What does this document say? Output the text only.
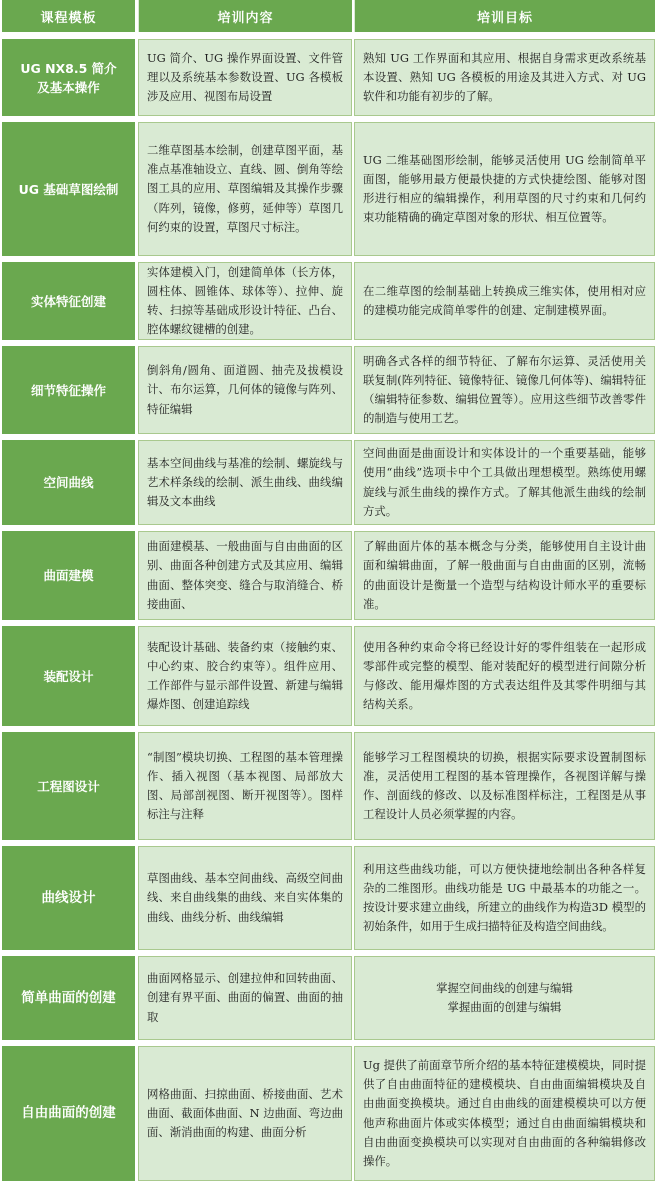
课程模板	培训内容	培训目标
UG NX8.5 简介
及基本操作
UG 简介、UG 操作界面设置、文件管理以及系统基本参数设置、UG 各模板涉及应用、视图布局设置
熟知 UG 工作界面和其应用、根据自身需求更改系统基本设置、熟知 UG 各模板的用途及其进入方式、对 UG 软件和功能有初步的了解。
UG 基础草图绘制
二维草图基本绘制，创建草图平面，基准点基准轴设立、直线、圆、倒角等绘图工具的应用、草图编辑及其操作步骤（阵列，镜像，修剪，延伸等）草图几何约束的设置，草图尺寸标注。
UG 二维基础图形绘制，能够灵活使用 UG 绘制简单平面图，能够用最方便最快捷的方式快捷绘图、能够对图形进行相应的编辑操作，利用草图的尺寸约束和几何约束功能精确的确定草图对象的形状、相互位置等。
实体特征创建
实体建模入门，创建简单体（长方体，圆柱体、圆锥体、球体等）、拉伸、旋转、扫掠等基础成形设计特征、凸台、腔体螺纹键槽的创建。
在二维草图的绘制基础上转换成三维实体，使用相对应的建模功能完成简单零件的创建、定制建模界面。
细节特征操作
倒斜角/圆角、面道圆、抽壳及拔模设计、布尔运算，几何体的镜像与阵列、特征编辑
明确各式各样的细节特征、了解布尔运算、灵活使用关联复制(阵列特征、镜像特征、镜像几何体等)、编辑特征（编辑特征参数、编辑位置等）。应用这些细节改善零件的制造与使用工艺。
空间曲线
基本空间曲线与基准的绘制、螺旋线与艺术样条线的绘制、派生曲线、曲线编辑及文本曲线
空间曲面是曲面设计和实体设计的一个重要基础，能够使用“曲线”选项卡中个工具做出理想模型。熟练使用螺旋线与派生曲线的操作方式。了解其他派生曲线的绘制方式。
曲面建模
曲面建模基、一般曲面与自由曲面的区别、曲面各种创建方式及其应用、编辑曲面、整体突变、缝合与取消缝合、桥接曲面、
了解曲面片体的基本概念与分类，能够使用自主设计曲面和编辑曲面，了解一般曲面与自由曲面的区别，流畅的曲面设计是衡量一个造型与结构设计师水平的重要标准。
装配设计
装配设计基础、装备约束（接触约束、中心约束、胶合约束等）。组件应用、工作部件与显示部件设置、新建与编辑爆炸图、创建追踪线
使用各种约束命令将已经设计好的零件组装在一起形成零部件或完整的模型、能对装配好的模型进行间隙分析与修改、能用爆炸图的方式表达组件及其零件明细与其结构关系。
工程图设计
“制图”模块切换、工程图的基本管理操作、插入视图（基本视图、局部放大图、局部剖视图、断开视图等）。图样标注与注释
能够学习工程图模块的切换，根据实际要求设置制图标准，灵活使用工程图的基本管理操作，各视图详解与操作、剖面线的修改、以及标准图样标注，工程图是从事工程设计人员必须掌握的内容。
曲线设计
草图曲线、基本空间曲线、高级空间曲线、来自曲线集的曲线、来自实体集的曲线、曲线分析、曲线编辑
利用这些曲线功能，可以方便快捷地绘制出各种各样复杂的二维图形。曲线功能是 UG 中最基本的功能之一。按设计要求建立曲线，所建立的曲线作为构造3D 模型的初始条件，如用于生成扫描特征及构造空间曲线。
简单曲面的创建
曲面网格显示、创建拉伸和回转曲面、创建有界平面、曲面的偏置、曲面的抽取
掌握空间曲线的创建与编辑
掌握曲面的创建与编辑
自由曲面的创建
网格曲面、扫掠曲面、桥接曲面、艺术曲面、截面体曲面、N 边曲面、弯边曲面、渐消曲面的构建、曲面分析
Ug 提供了前面章节所介绍的基本特征建模模块，同时提供了自由曲面特征的建模模块、自由曲面编辑模块及自由曲面变换模块。通过自由曲线的面建模模块可以方便他声称曲面片体或实体模型；通过自由曲面编辑模块和自由曲面变换模块可以实现对自由曲面的各种编辑修改操作。
